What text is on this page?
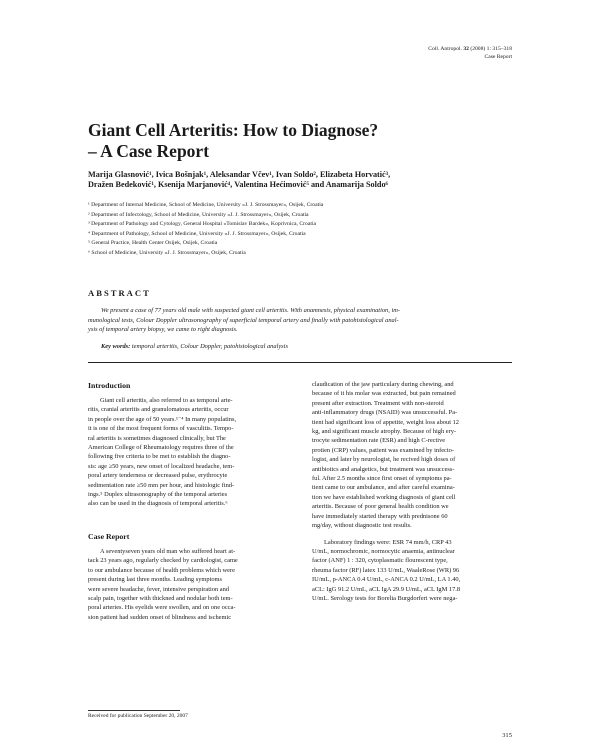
Coll. Antropol. 32 (2008) 1: 315–318
Case Report
Giant Cell Arteritis: How to Diagnose?
– A Case Report
Marija Glasnović¹, Ivica Bošnjak¹, Aleksandar Včev¹, Ivan Soldo², Elizabeta Horvatić³,
Dražen Bedeković¹, Ksenija Marjanović⁴, Valentina Hećimović⁵ and Anamarija Soldo⁶
¹ Department of Internal Medicine, School of Medicine, University »J. J. Strossmayer«, Osijek, Croatia
² Department of Infectology, School of Medicine, University »J. J. Strossmayer«, Osijek, Croatia
³ Department of Pathology and Cytology, General Hospital »Tomislav Bardek«, Koprivnica, Croatia
⁴ Department of Pathology, School of Medicine, University »J. J. Strossmayer«, Osijek, Croatia
⁵ General Practice, Health Center Osijek, Osijek, Croatia
⁶ School of Medicine, University »J. J. Strossmayer«, Osijek, Croatia
ABSTRACT
We present a case of 77 years old male with suspected giant cell arteritis. With anamnesis, physical examination, im-
munological tests, Colour Doppler ultrasonography of superficial temporal artery and finally with patohistological anal-
ysis of temporal artery biopsy, we came to right diagnosis.
Key words: temporal arteritis, Colour Doppler, patohistological analysis
Introduction
Giant cell arteritis, also referred to as temporal arte-
ritis, cranial arteritis and granulomatous arteritis, occur
in people over the age of 50 years.¹⁻⁴ In many populatins,
it is one of the most frequent forms of vasculitis. Tempo-
ral arteritis is sometimes diagnosed clinically, but The
American College of Rheumatology requires three of the
following five criteria to be met to establish the diagno-
sis: age ≥50 years, new onset of localized headache, tem-
poral artery tenderness or decreased pulse, erythrocyte
sedimentation rate ≥50 mm per hour, and histologic find-
ings.⁵ Duplex ultrasonography of the temporal arteries
also can be used in the diagnosis of temporal arteritis.⁶
Case Report
A seventyseven years old man who suffered heart at-
tack 23 years ago, regularly checked by cardiologist, came
to our ambulance because of health problems which were
present during last three months. Leading symptoms
were severe headache, fever, intensive perspiration and
scalp pain, together with thickned and nodular both tem-
poral arteries. His eyelids were swollen, and on one occa-
sion patient had sudden onset of blindness and ischemic
claudication of the jaw particulary during chewing, and
because of it his molar was extracted, but pain remained
present after extraction. Treatment with non-steroid
anti-inflammatory drugs (NSAID) was unsuccessful. Pa-
tient had significant loss of appetite, weight loss about 12
kg, and significant muscle atrophy. Because of high ery-
trocyte sedimentation rate (ESR) and high C-rective
protien (CRP) values, patient was examined by infecto-
logist, and later by neurologist, he recived high doses of
antibiotics and analgetics, but treatment was unsuccess-
ful. After 2.5 months since first onset of symptoms pa-
tient came to our ambulance, and after careful examina-
tion we have established working diagnosis of giant cell
arteritis. Because of poor general health condition we
have immediately started therapy with prednisone 60
mg/day, without diagnostic test results.
Laboratory findings were: ESR 74 mm/h, CRP 43
U/mL, normochromic, normocytic anaemia, antinuclear
factor (ANF) 1 : 320, cytoplasmatic flourescent type,
rheuma factor (RF) latex 133 U/mL, WaaleRose (WR) 96
IU/mL, p-ANCA 0.4 U/mL, c-ANCA 0.2 U/mL, LA 1.40,
aCL: IgG 91.2 U/mL, aCL IgA 29.9 U/mL, aCL IgM 17.8
U/mL. Serology tests for Borelia Burgdorferi were nega-
Received for publication September 20, 2007
315
